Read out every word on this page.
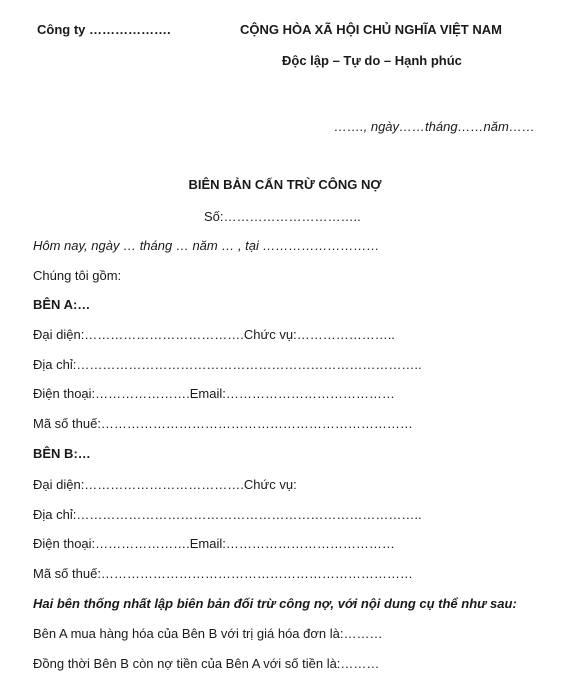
Công ty ……………….	CỘNG HÒA XÃ HỘI CHỦ NGHĨA VIỆT NAM
Độc lập – Tự do – Hạnh phúc
……., ngày……tháng……năm……
BIÊN BẢN CẤN TRỪ CÔNG NỢ
Số:…………………………..
Hôm nay, ngày … tháng … năm … , tại ………………………
Chúng tôi gồm:
BÊN A:…
Đại diện:……………………………….Chức vụ:…………………..
Địa chỉ:……………………………………………………………………..
Điện thoại:………………….Email:…………………………………
Mã số thuế:………………………………………………………………
BÊN B:…
Đại diện:……………………………….Chức vụ:
Địa chỉ:……………………………………………………………………..
Điện thoại:………………….Email:…………………………………
Mã số thuế:………………………………………………………………
Hai bên thống nhất lập biên bản đối trừ công nợ, với nội dung cụ thể như sau:
Bên A mua hàng hóa của Bên B với trị giá hóa đơn là:………
Đồng thời Bên B còn nợ tiền của Bên A với số tiền là:………
